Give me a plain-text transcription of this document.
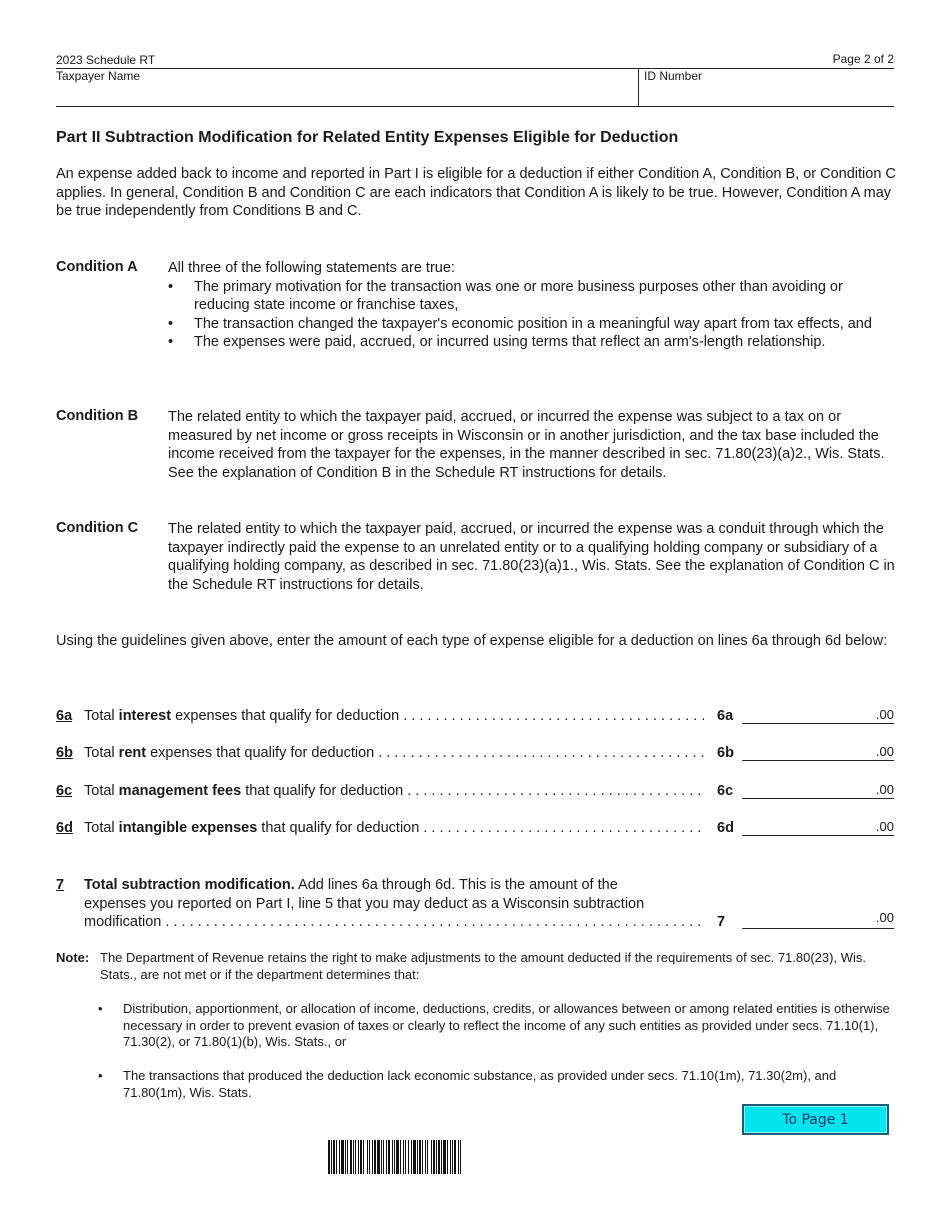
2023 Schedule RT	Page 2 of 2
Taxpayer Name	ID Number
Part II Subtraction Modification for Related Entity Expenses Eligible for Deduction
An expense added back to income and reported in Part I is eligible for a deduction if either Condition A, Condition B, or Condition C applies. In general, Condition B and Condition C are each indicators that Condition A is likely to be true. However, Condition A may be true independently from Conditions B and C.
Condition A All three of the following statements are true:
• The primary motivation for the transaction was one or more business purposes other than avoiding or reducing state income or franchise taxes,
• The transaction changed the taxpayer's economic position in a meaningful way apart from tax effects, and
• The expenses were paid, accrued, or incurred using terms that reflect an arm's-length relationship.
Condition B The related entity to which the taxpayer paid, accrued, or incurred the expense was subject to a tax on or measured by net income or gross receipts in Wisconsin or in another jurisdiction, and the tax base included the income received from the taxpayer for the expenses, in the manner described in sec. 71.80(23)(a)2., Wis. Stats. See the explanation of Condition B in the Schedule RT instructions for details.
Condition C The related entity to which the taxpayer paid, accrued, or incurred the expense was a conduit through which the taxpayer indirectly paid the expense to an unrelated entity or to a qualifying holding company or subsidiary of a qualifying holding company, as described in sec. 71.80(23)(a)1., Wis. Stats. See the explanation of Condition C in the Schedule RT instructions for details.
Using the guidelines given above, enter the amount of each type of expense eligible for a deduction on lines 6a through 6d below:
6a Total interest expenses that qualify for deduction . . .	6a	.00
6b Total rent expenses that qualify for deduction . . .	6b	.00
6c Total management fees that qualify for deduction . . .	6c	.00
6d Total intangible expenses that qualify for deduction . . .	6d	.00
7 Total subtraction modification. Add lines 6a through 6d. This is the amount of the
expenses you reported on Part I, line 5 that you may deduct as a Wisconsin subtraction
modification . . .	7	.00
Note: The Department of Revenue retains the right to make adjustments to the amount deducted if the requirements of sec. 71.80(23), Wis. Stats., are not met or if the department determines that:
• Distribution, apportionment, or allocation of income, deductions, credits, or allowances between or among related entities is otherwise necessary in order to prevent evasion of taxes or clearly to reflect the income of any such entities as provided under secs. 71.10(1), 71.30(2), or 71.80(1)(b), Wis. Stats., or
• The transactions that produced the deduction lack economic substance, as provided under secs. 71.10(1m), 71.30(2m), and 71.80(1m), Wis. Stats.
To Page 1
